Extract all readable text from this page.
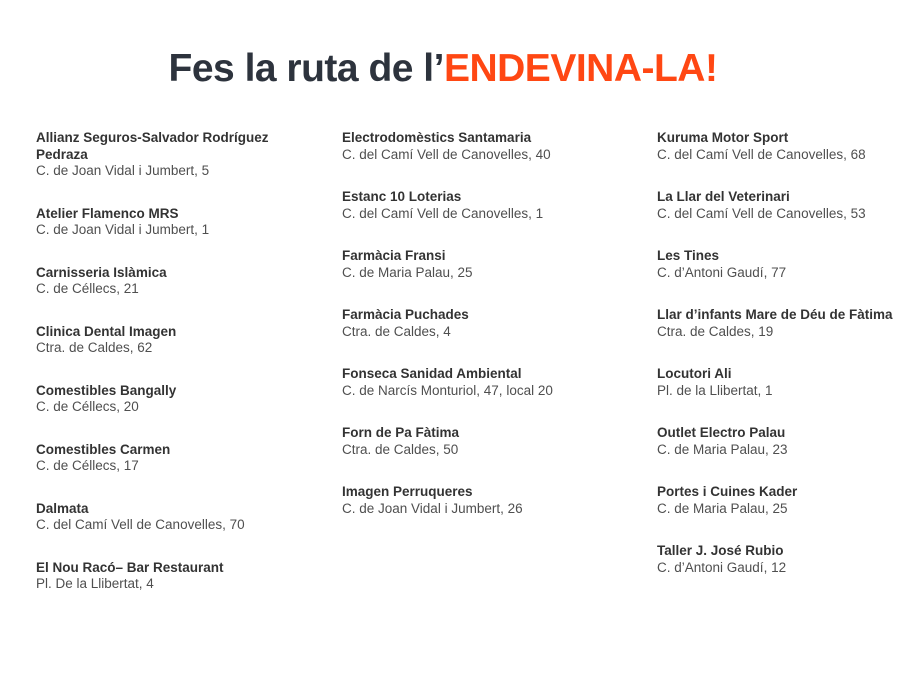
Fes la ruta de l’ENDEVINA-LA!
Allianz Seguros-Salvador Rodríguez Pedraza
C. de Joan Vidal i Jumbert, 5
Atelier Flamenco MRS
C. de Joan Vidal i Jumbert, 1
Carnisseria Islàmica
C. de Céllecs, 21
Clinica Dental Imagen
Ctra. de Caldes, 62
Comestibles Bangally
C. de Céllecs, 20
Comestibles Carmen
C. de Céllecs, 17
Dalmata
C. del Camí Vell de Canovelles, 70
El Nou Racó– Bar Restaurant
Pl. De la Llibertat, 4
Electrodomèstics Santamaria
C. del Camí Vell de Canovelles, 40
Estanc 10 Loterias
C. del Camí Vell de Canovelles, 1
Farmàcia Fransi
C. de Maria Palau, 25
Farmàcia Puchades
Ctra. de Caldes, 4
Fonseca Sanidad Ambiental
C. de Narcís Monturiol, 47, local 20
Forn de Pa Fàtima
Ctra. de Caldes, 50
Imagen Perruqueres
C. de Joan Vidal i Jumbert, 26
Kuruma Motor Sport
C. del Camí Vell de Canovelles, 68
La Llar del Veterinari
C. del Camí Vell de Canovelles, 53
Les Tines
C. d’Antoni Gaudí, 77
Llar d’infants Mare de Déu de Fàtima
Ctra. de Caldes, 19
Locutori Ali
Pl. de la Llibertat, 1
Outlet Electro Palau
C. de Maria Palau, 23
Portes i Cuines Kader
C. de Maria Palau, 25
Taller J. José Rubio
C. d’Antoni Gaudí, 12
